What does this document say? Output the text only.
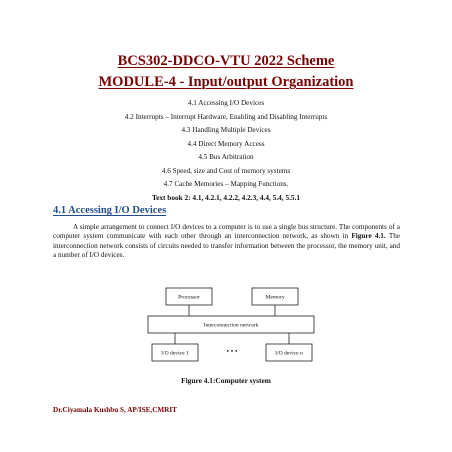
BCS302-DDCO-VTU 2022 Scheme
MODULE-4 - Input/output Organization
4.1 Accessing I/O Devices
4.2 Interrupts – Interrupt Hardware, Enabling and Disabling Interrupts
4.3 Handling Multiple Devices
4.4 Direct Memory Access
4.5 Bus Arbitration
4.6 Speed, size and Cost of memory systems
4.7 Cache Memories – Mapping Functions.
Text book 2: 4.1, 4.2.1, 4.2.2, 4.2.3, 4.4, 5.4, 5.5.1
4.1 Accessing I/O Devices
A simple arrangement to connect I/O devices to a computer is to use a single bus structure. The components of a computer system communicate with each other through an interconnection network, as shown in Figure 4.1. The interconnection network consists of circuits needed to transfer information between the processor, the memory unit, and a number of I/O devices.
Processor	Memory
Interconnection network
I/O device 1	• • •	I/O device n
Figure 4.1:Computer system
Dr.Ciyamala Kushbu S, AP/ISE,CMRIT
